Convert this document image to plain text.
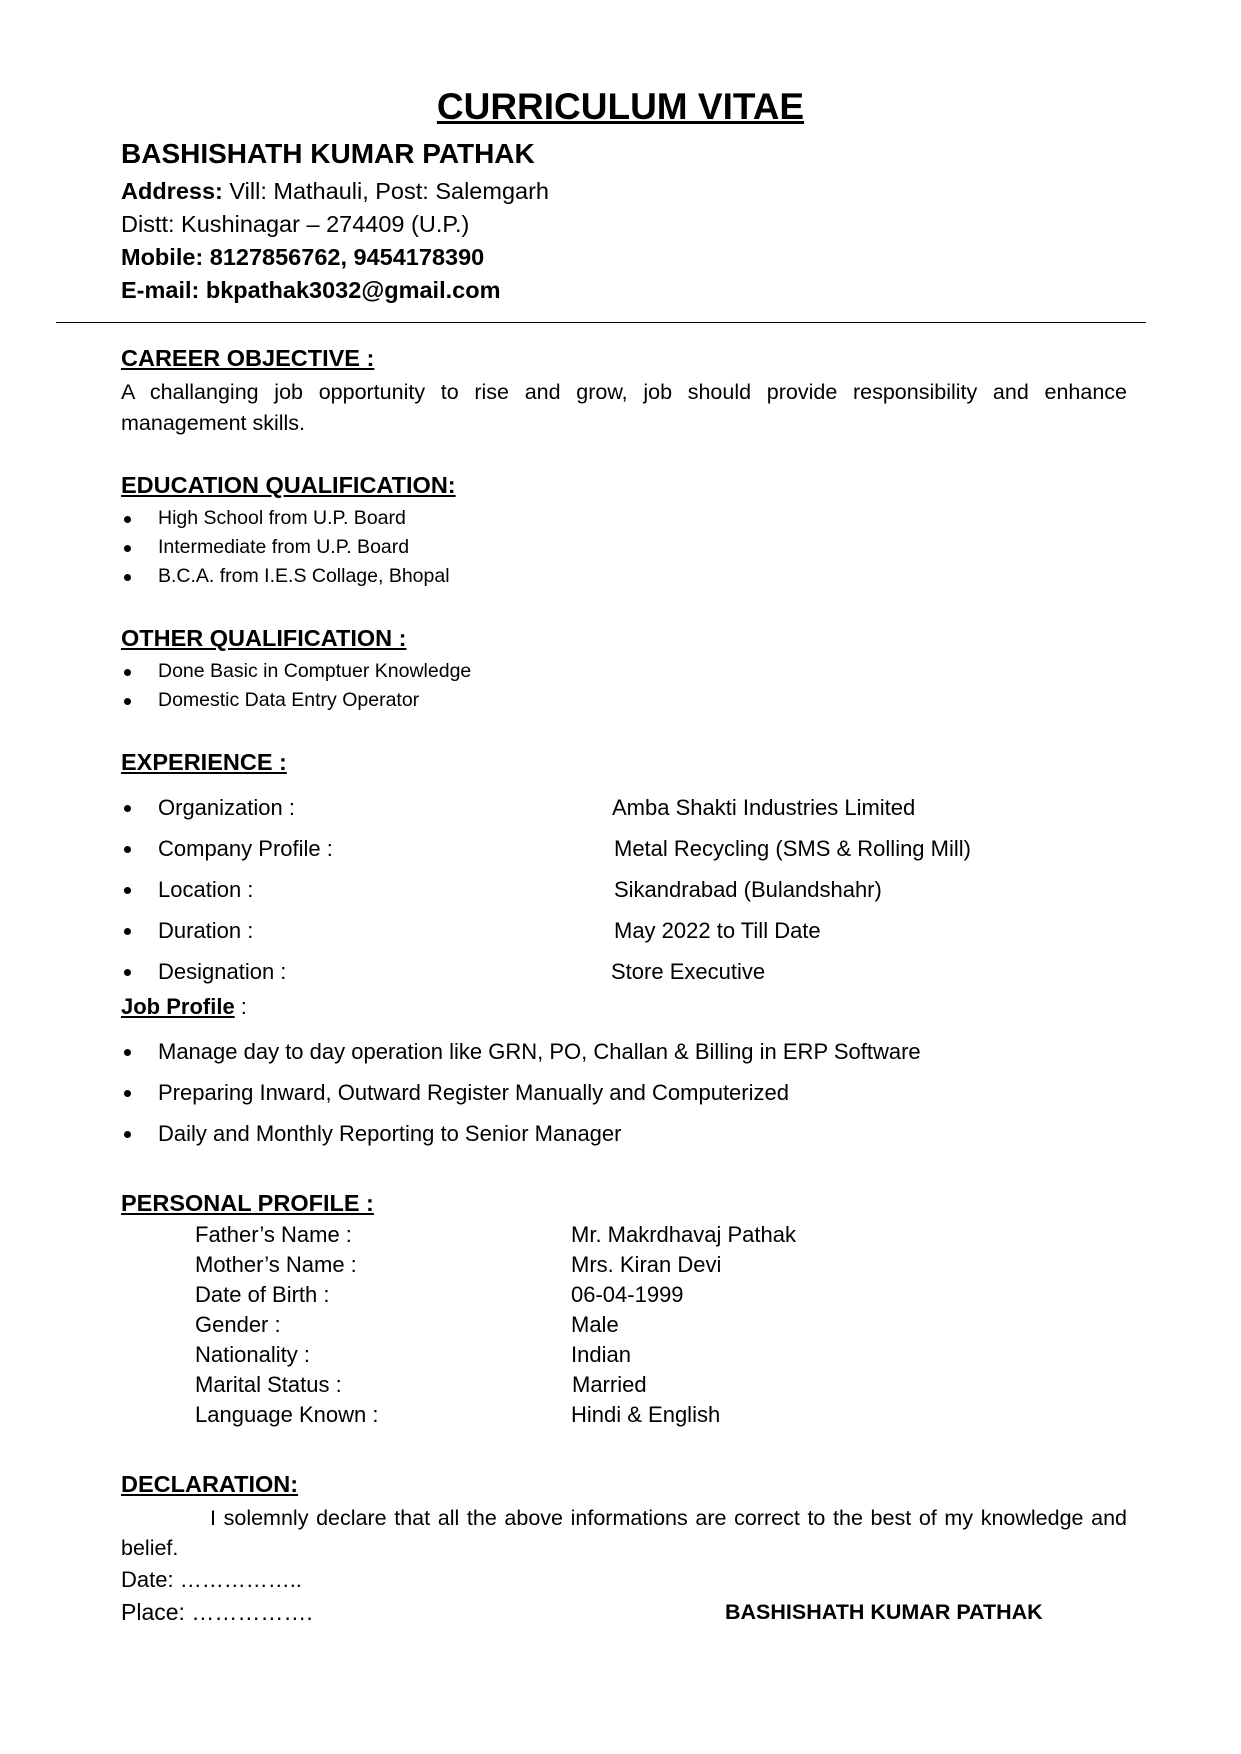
CURRICULUM VITAE
BASHISHATH KUMAR PATHAK
Address: Vill: Mathauli, Post: Salemgarh
Distt: Kushinagar – 274409 (U.P.)
Mobile: 8127856762, 9454178390
E-mail: bkpathak3032@gmail.com
CAREER OBJECTIVE :
A challanging job opportunity to rise and grow, job should provide responsibility and enhance management skills.
EDUCATION QUALIFICATION:
High School from U.P. Board
Intermediate from U.P. Board
B.C.A. from I.E.S Collage, Bhopal
OTHER QUALIFICATION :
Done Basic in Comptuer Knowledge
Domestic Data Entry Operator
EXPERIENCE :
Organization :	Amba Shakti Industries Limited
Company Profile :	Metal Recycling (SMS & Rolling Mill)
Location :	Sikandrabad (Bulandshahr)
Duration :	May 2022 to Till Date
Designation :	Store Executive
Job Profile :
Manage day to day operation like GRN, PO, Challan & Billing in ERP Software
Preparing Inward, Outward Register Manually and Computerized
Daily and Monthly Reporting to Senior Manager
PERSONAL PROFILE :
Father’s Name :	Mr. Makrdhavaj Pathak
Mother’s Name :	Mrs. Kiran Devi
Date of Birth :	06-04-1999
Gender :	Male
Nationality :	Indian
Marital Status :	Married
Language Known :	Hindi & English
DECLARATION:
I solemnly declare that all the above informations are correct to the best of my knowledge and belief.
Date: ……………..
Place: …………….	BASHISHATH KUMAR PATHAK
